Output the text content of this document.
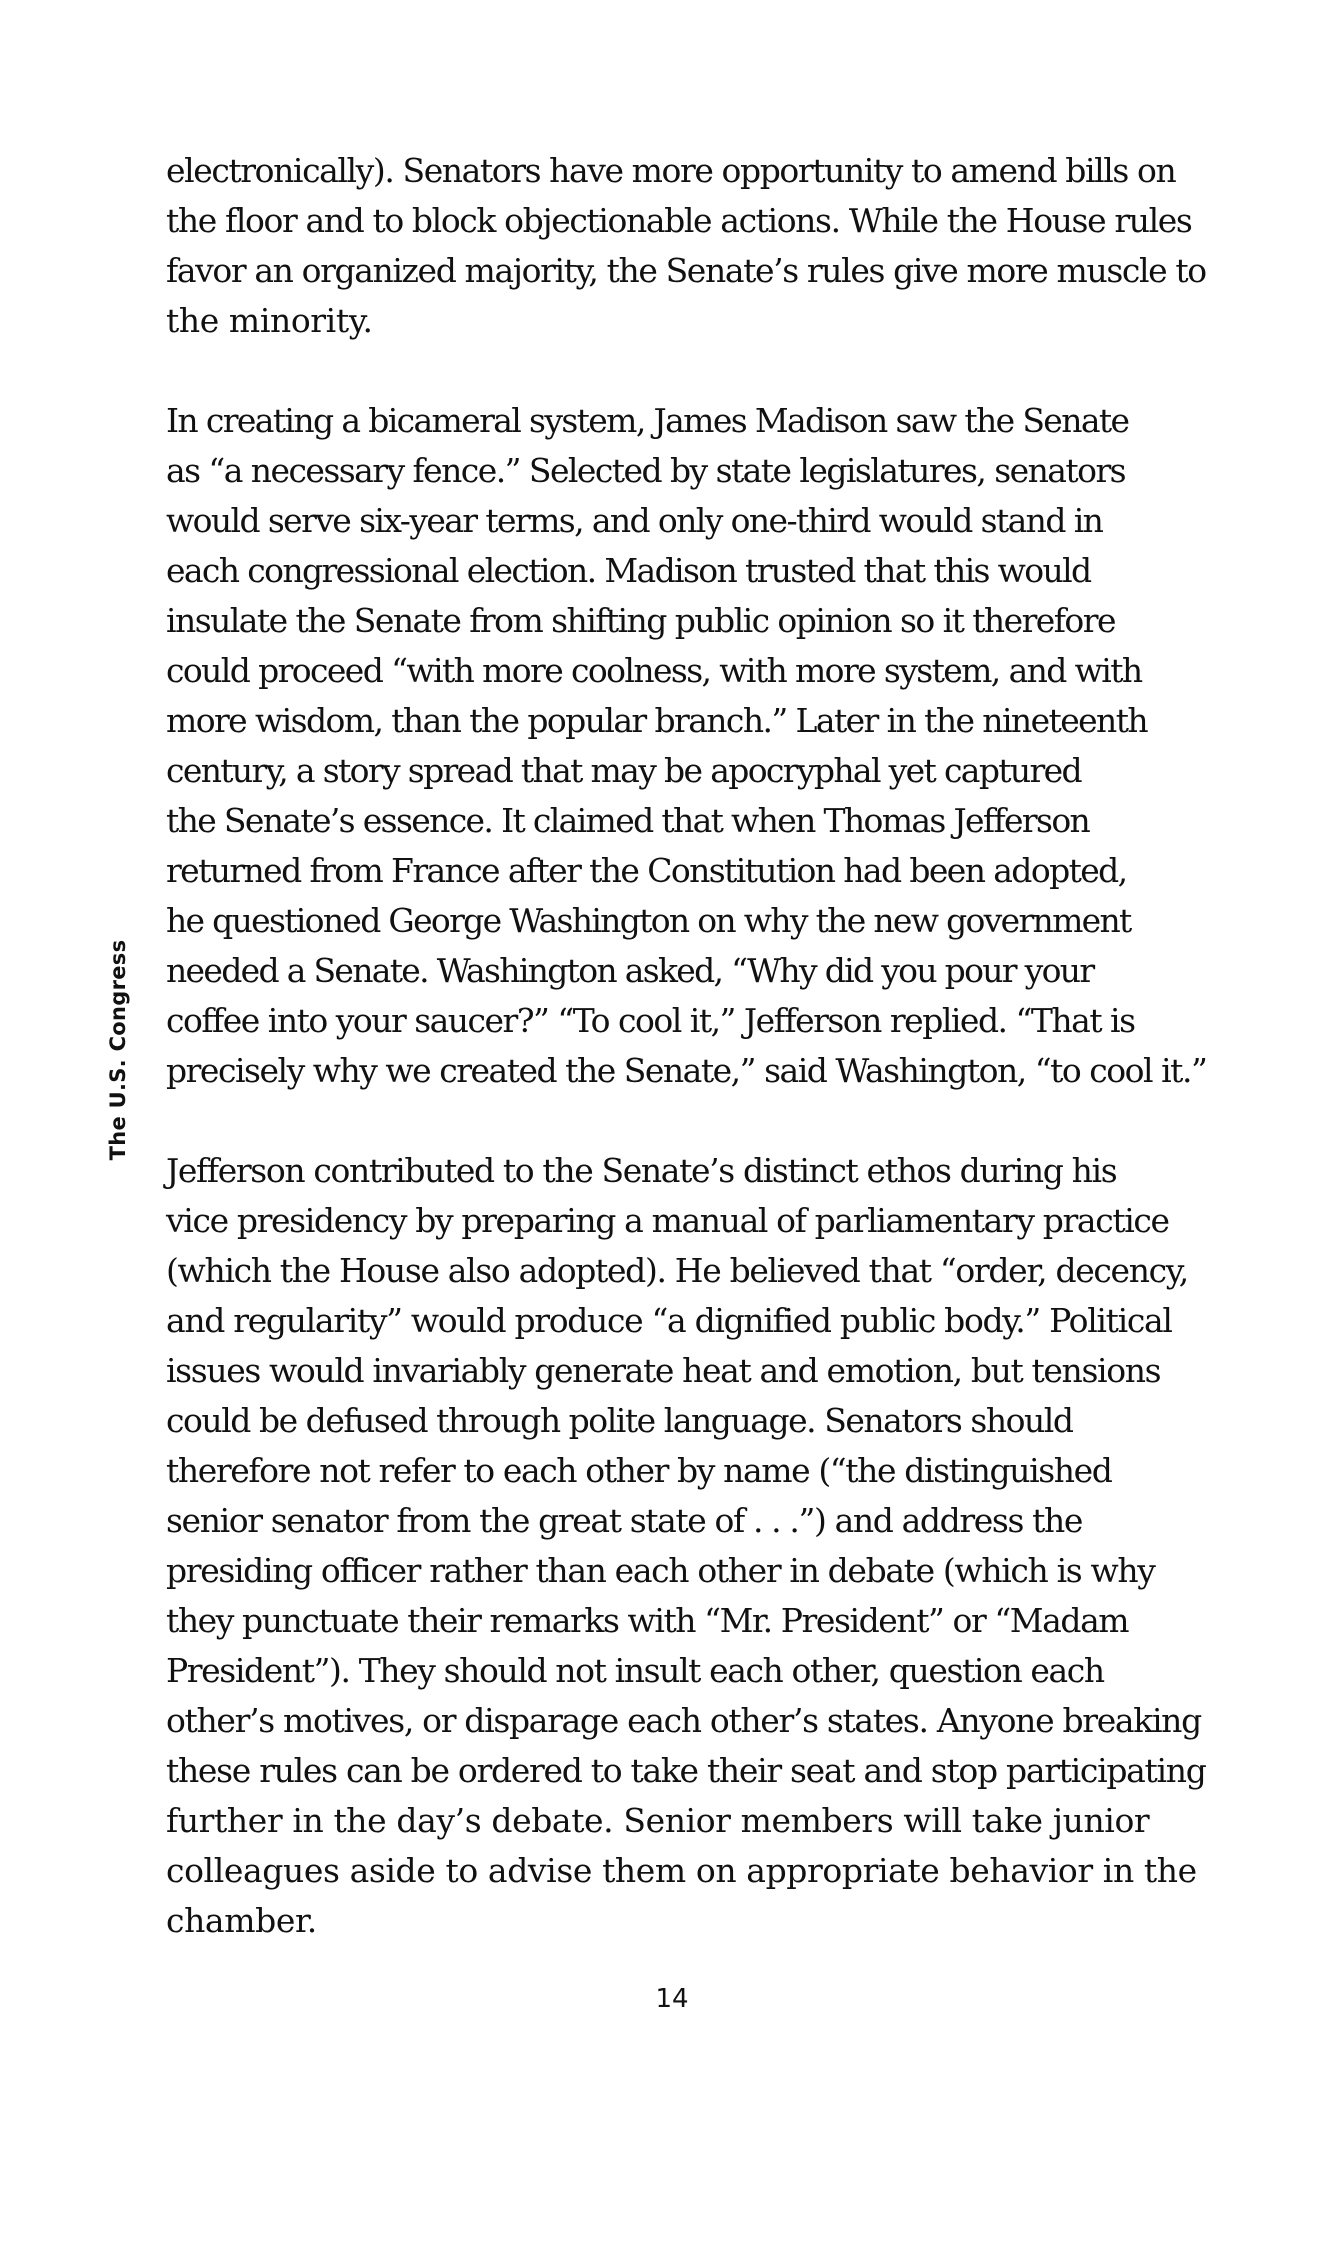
The U.S. Congress

electronically). Senators have more opportunity to amend bills on
the floor and to block objectionable actions. While the House rules
favor an organized majority, the Senate’s rules give more muscle to
the minority.

In creating a bicameral system, James Madison saw the Senate
as “a necessary fence.” Selected by state legislatures, senators
would serve six-year terms, and only one-third would stand in
each congressional election. Madison trusted that this would
insulate the Senate from shifting public opinion so it therefore
could proceed “with more coolness, with more system, and with
more wisdom, than the popular branch.” Later in the nineteenth
century, a story spread that may be apocryphal yet captured
the Senate’s essence. It claimed that when Thomas Jefferson
returned from France after the Constitution had been adopted,
he questioned George Washington on why the new government
needed a Senate. Washington asked, “Why did you pour your
coffee into your saucer?” “To cool it,” Jefferson replied. “That is
precisely why we created the Senate,” said Washington, “to cool it.”

Jefferson contributed to the Senate’s distinct ethos during his
vice presidency by preparing a manual of parliamentary practice
(which the House also adopted). He believed that “order, decency,
and regularity” would produce “a dignified public body.” Political
issues would invariably generate heat and emotion, but tensions
could be defused through polite language. Senators should
therefore not refer to each other by name (“the distinguished
senior senator from the great state of . . .”) and address the
presiding officer rather than each other in debate (which is why
they punctuate their remarks with “Mr. President” or “Madam
President”). They should not insult each other, question each
other’s motives, or disparage each other’s states. Anyone breaking
these rules can be ordered to take their seat and stop participating
further in the day’s debate. Senior members will take junior
colleagues aside to advise them on appropriate behavior in the
chamber.

14
